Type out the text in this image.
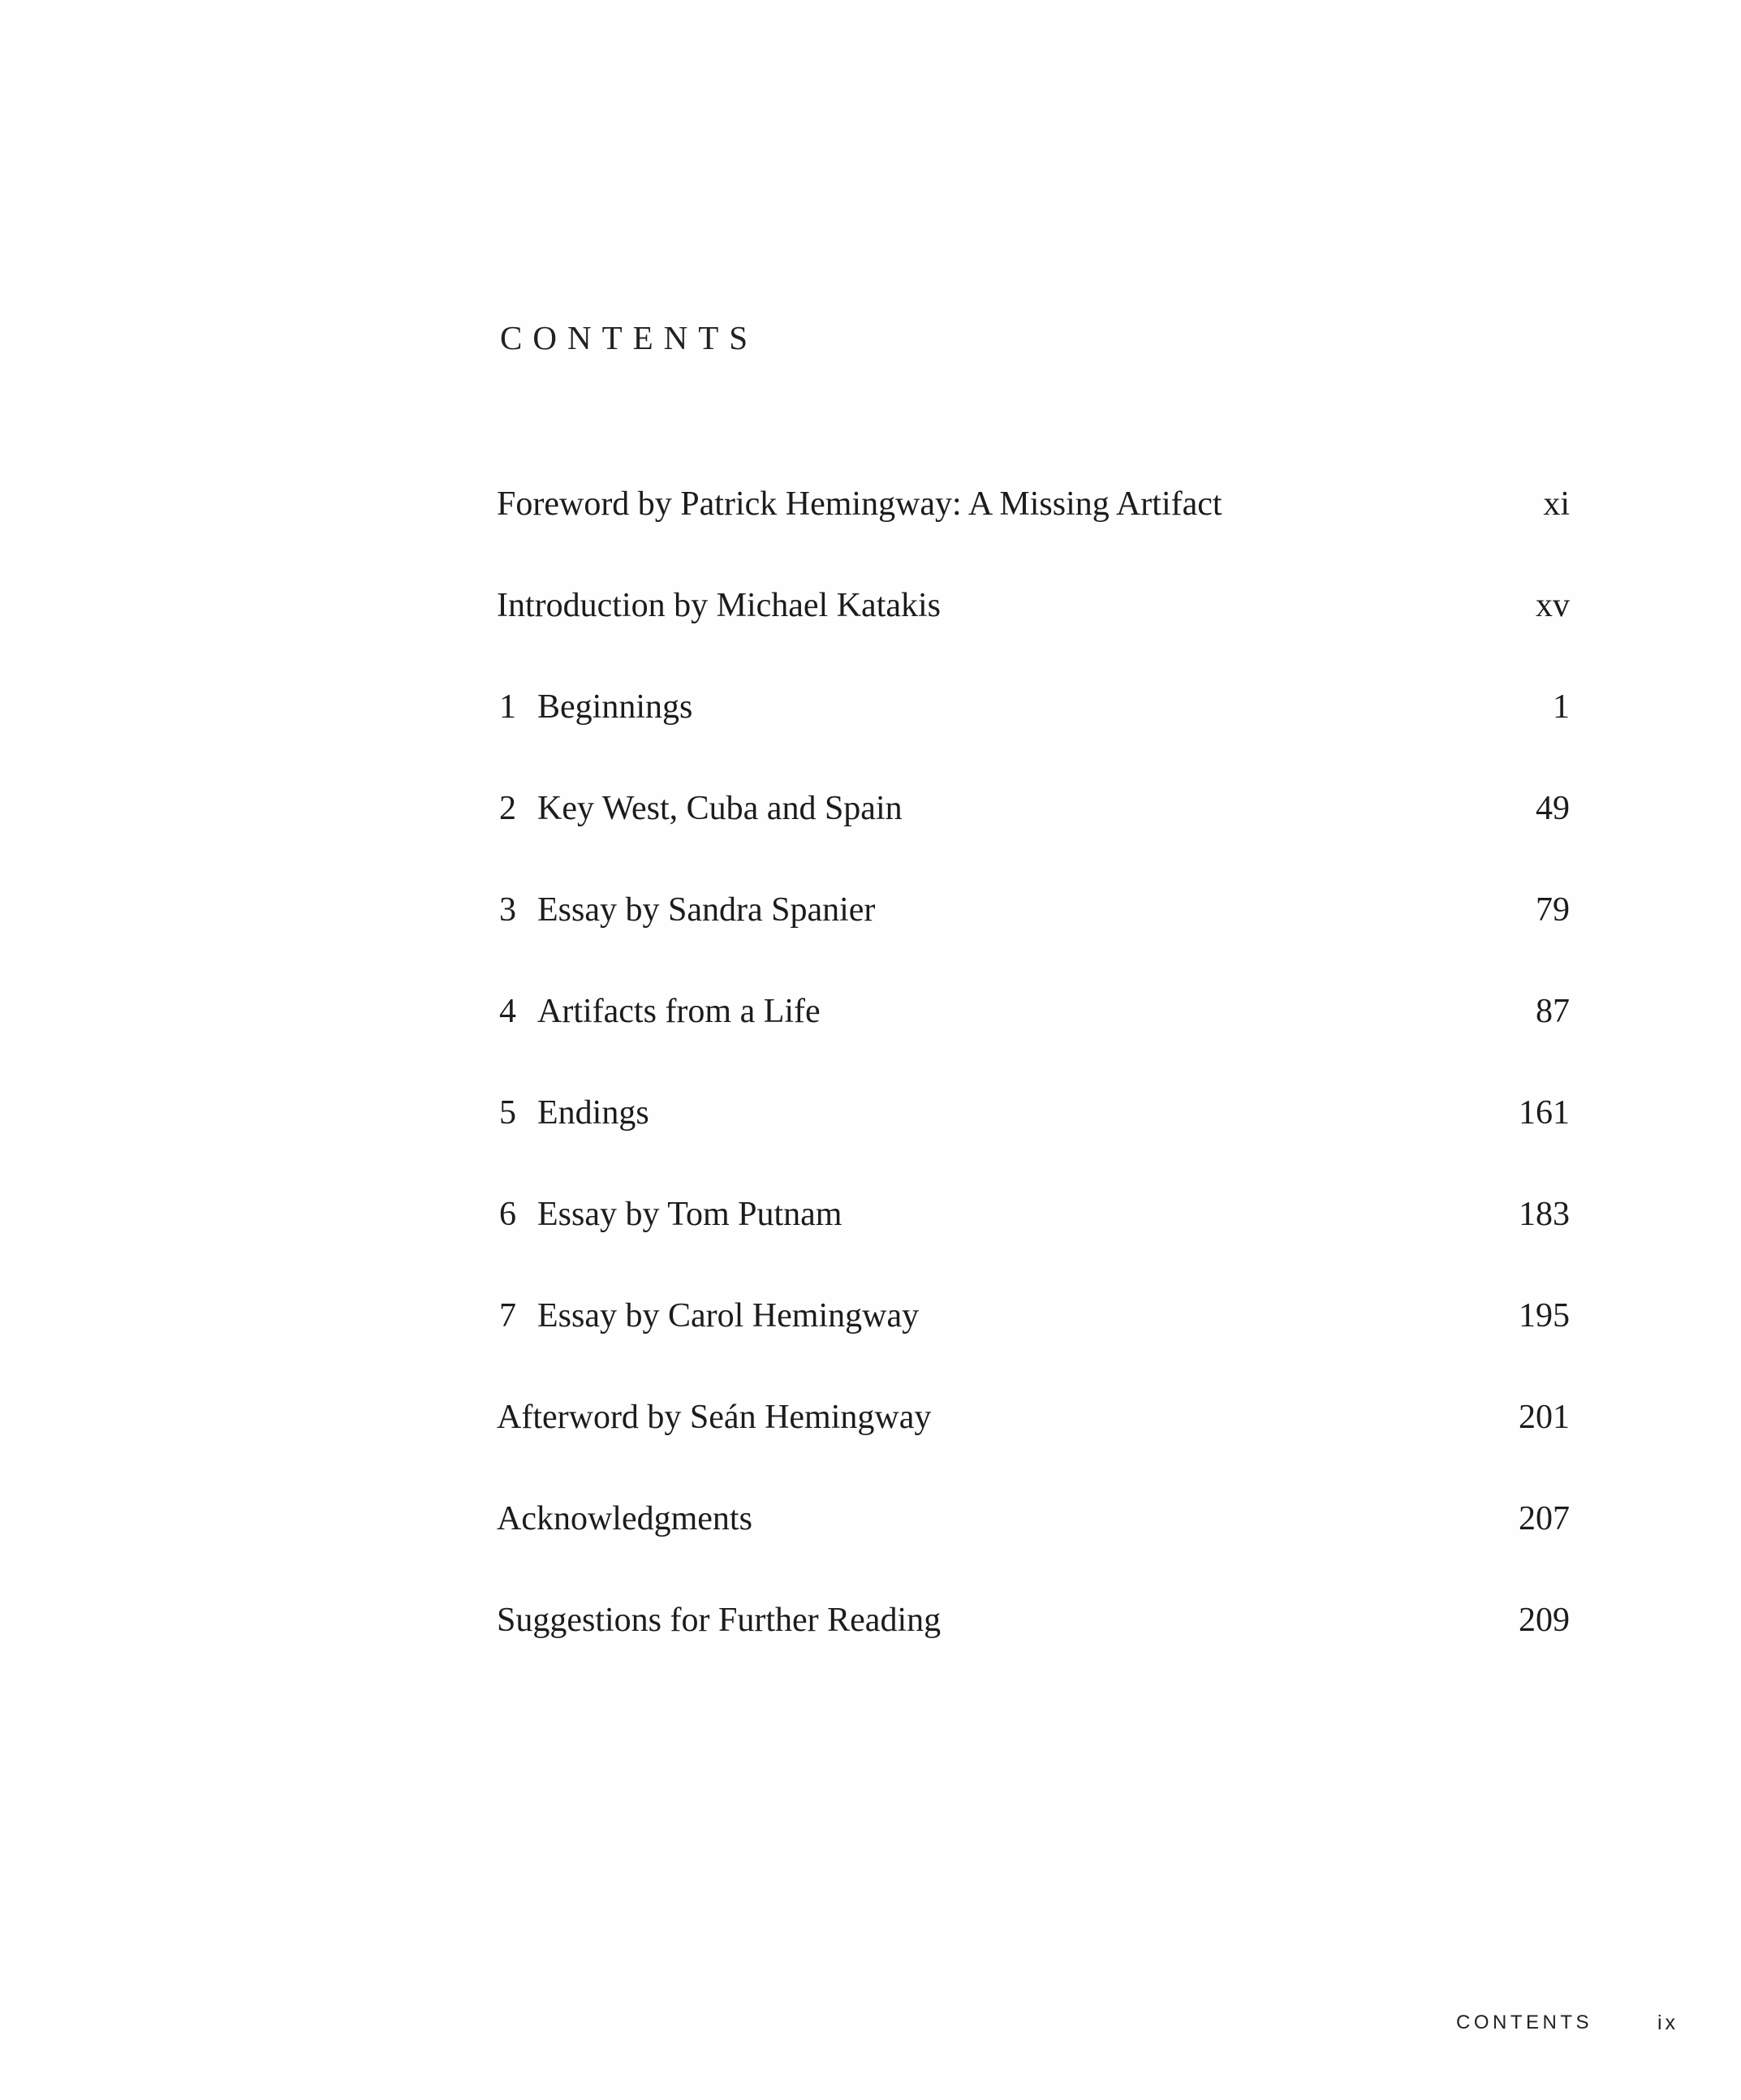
CONTENTS
Foreword by Patrick Hemingway: A Missing Artifact	xi
Introduction by Michael Katakis	xv
1 Beginnings	1
2 Key West, Cuba and Spain	49
3 Essay by Sandra Spanier	79
4 Artifacts from a Life	87
5 Endings	161
6 Essay by Tom Putnam	183
7 Essay by Carol Hemingway	195
Afterword by Seán Hemingway	201
Acknowledgments	207
Suggestions for Further Reading	209
CONTENTS	ix
